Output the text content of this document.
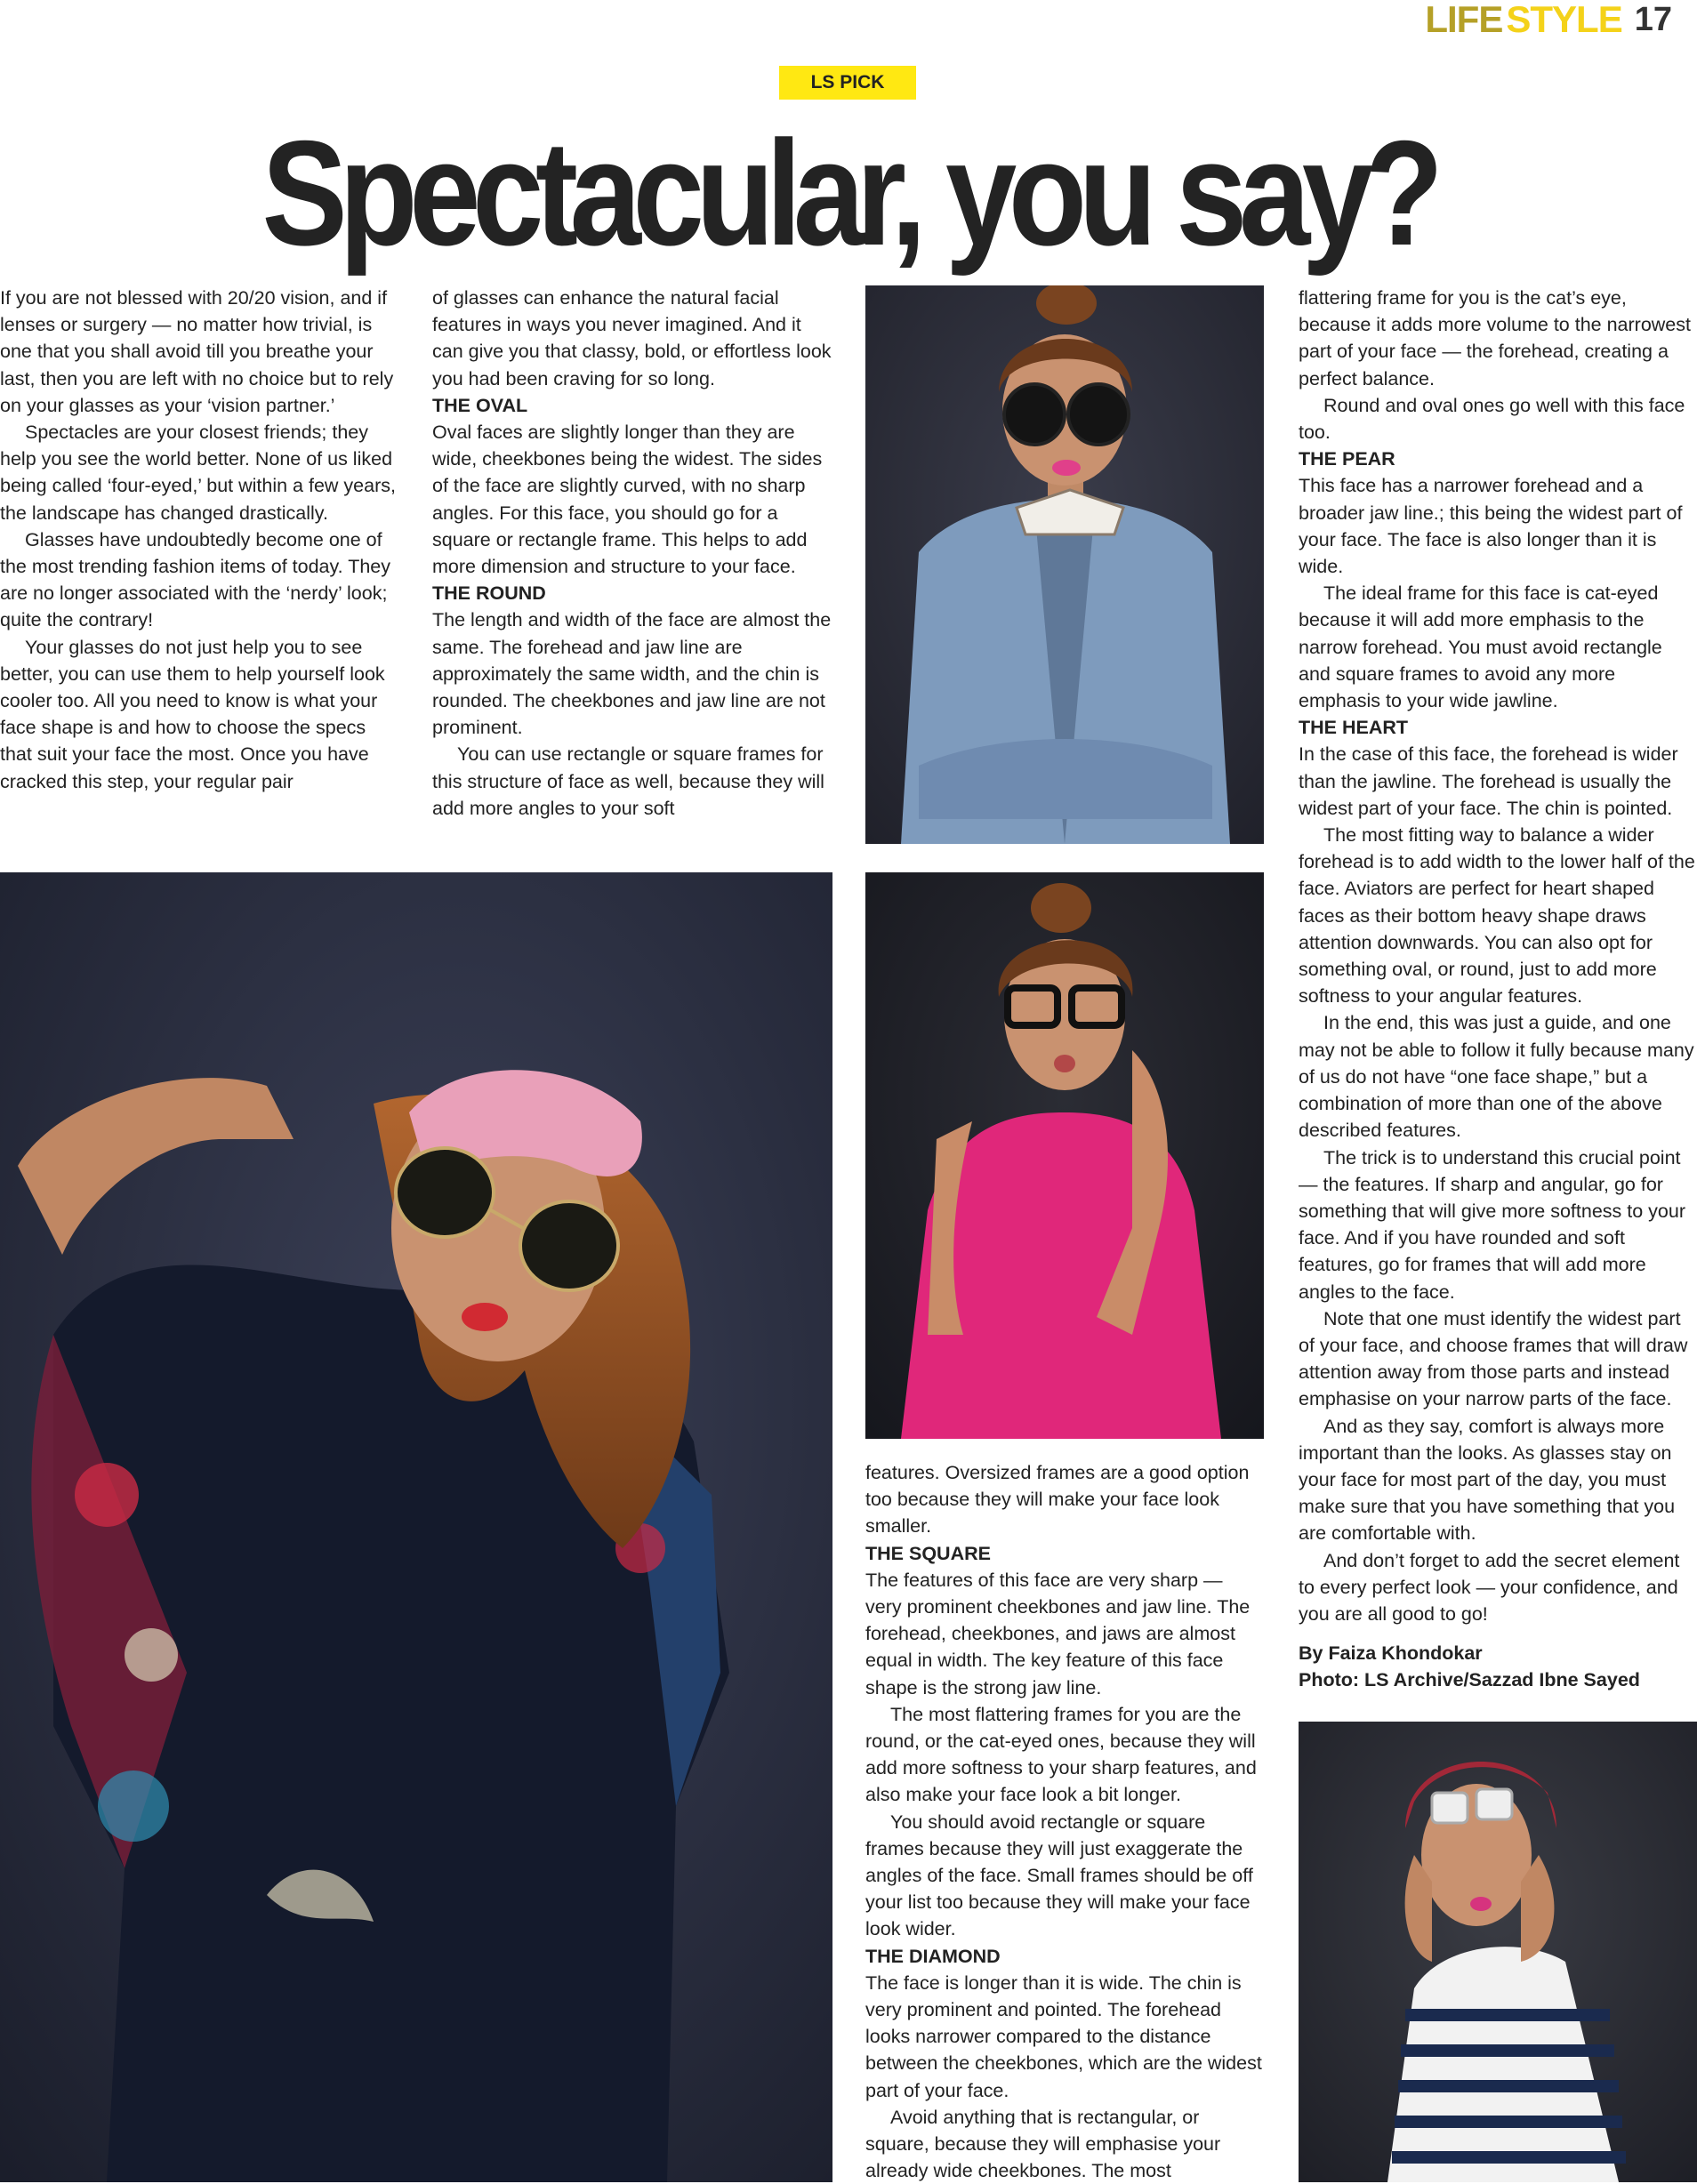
LIFESTYLE 17
LS PICK
Spectacular, you say?

If you are not blessed with 20/20 vision, and if lenses or surgery — no matter how trivial, is one that you shall avoid till you breathe your last, then you are left with no choice but to rely on your glasses as your ‘vision partner.’

Spectacles are your closest friends; they help you see the world better. None of us liked being called ‘four-eyed,’ but within a few years, the landscape has changed drastically.

Glasses have undoubtedly become one of the most trending fashion items of today. They are no longer associated with the ‘nerdy’ look; quite the contrary!

Your glasses do not just help you to see better, you can use them to help yourself look cooler too. All you need to know is what your face shape is and how to choose the specs that suit your face the most. Once you have cracked this step, your regular pair

of glasses can enhance the natural facial features in ways you never imagined. And it can give you that classy, bold, or effortless look you had been craving for so long.

THE OVAL

Oval faces are slightly longer than they are wide, cheekbones being the widest. The sides of the face are slightly curved, with no sharp angles. For this face, you should go for a square or rectangle frame. This helps to add more dimension and structure to your face.

THE ROUND

The length and width of the face are almost the same. The forehead and jaw line are approximately the same width, and the chin is rounded. The cheekbones and jaw line are not prominent.

You can use rectangle or square frames for this structure of face as well, because they will add more angles to your soft

features. Oversized frames are a good option too because they will make your face look smaller.

THE SQUARE

The features of this face are very sharp — very prominent cheekbones and jaw line. The forehead, cheekbones, and jaws are almost equal in width. The key feature of this face shape is the strong jaw line.

The most flattering frames for you are the round, or the cat-eyed ones, because they will add more softness to your sharp features, and also make your face look a bit longer.

You should avoid rectangle or square frames because they will just exaggerate the angles of the face. Small frames should be off your list too because they will make your face look wider.

THE DIAMOND

The face is longer than it is wide. The chin is very prominent and pointed. The forehead looks narrower compared to the distance between the cheekbones, which are the widest part of your face.

Avoid anything that is rectangular, or square, because they will emphasise your already wide cheekbones. The most

flattering frame for you is the cat’s eye, because it adds more volume to the narrowest part of your face — the forehead, creating a perfect balance.

Round and oval ones go well with this face too.

THE PEAR

This face has a narrower forehead and a broader jaw line.; this being the widest part of your face. The face is also longer than it is wide.

The ideal frame for this face is cat-eyed because it will add more emphasis to the narrow forehead. You must avoid rectangle and square frames to avoid any more emphasis to your wide jawline.

THE HEART

In the case of this face, the forehead is wider than the jawline. The forehead is usually the widest part of your face. The chin is pointed.

The most fitting way to balance a wider forehead is to add width to the lower half of the face. Aviators are perfect for heart shaped faces as their bottom heavy shape draws attention downwards. You can also opt for something oval, or round, just to add more softness to your angular features.

In the end, this was just a guide, and one may not be able to follow it fully because many of us do not have “one face shape,” but a combination of more than one of the above described features.

The trick is to understand this crucial point — the features. If sharp and angular, go for something that will give more softness to your face. And if you have rounded and soft features, go for frames that will add more angles to the face.

Note that one must identify the widest part of your face, and choose frames that will draw attention away from those parts and instead emphasise on your narrow parts of the face.

And as they say, comfort is always more important than the looks. As glasses stay on your face for most part of the day, you must make sure that you have something that you are comfortable with.

And don’t forget to add the secret element to every perfect look — your confidence, and you are all good to go!

By Faiza Khondokar
Photo: LS Archive/Sazzad Ibne Sayed
